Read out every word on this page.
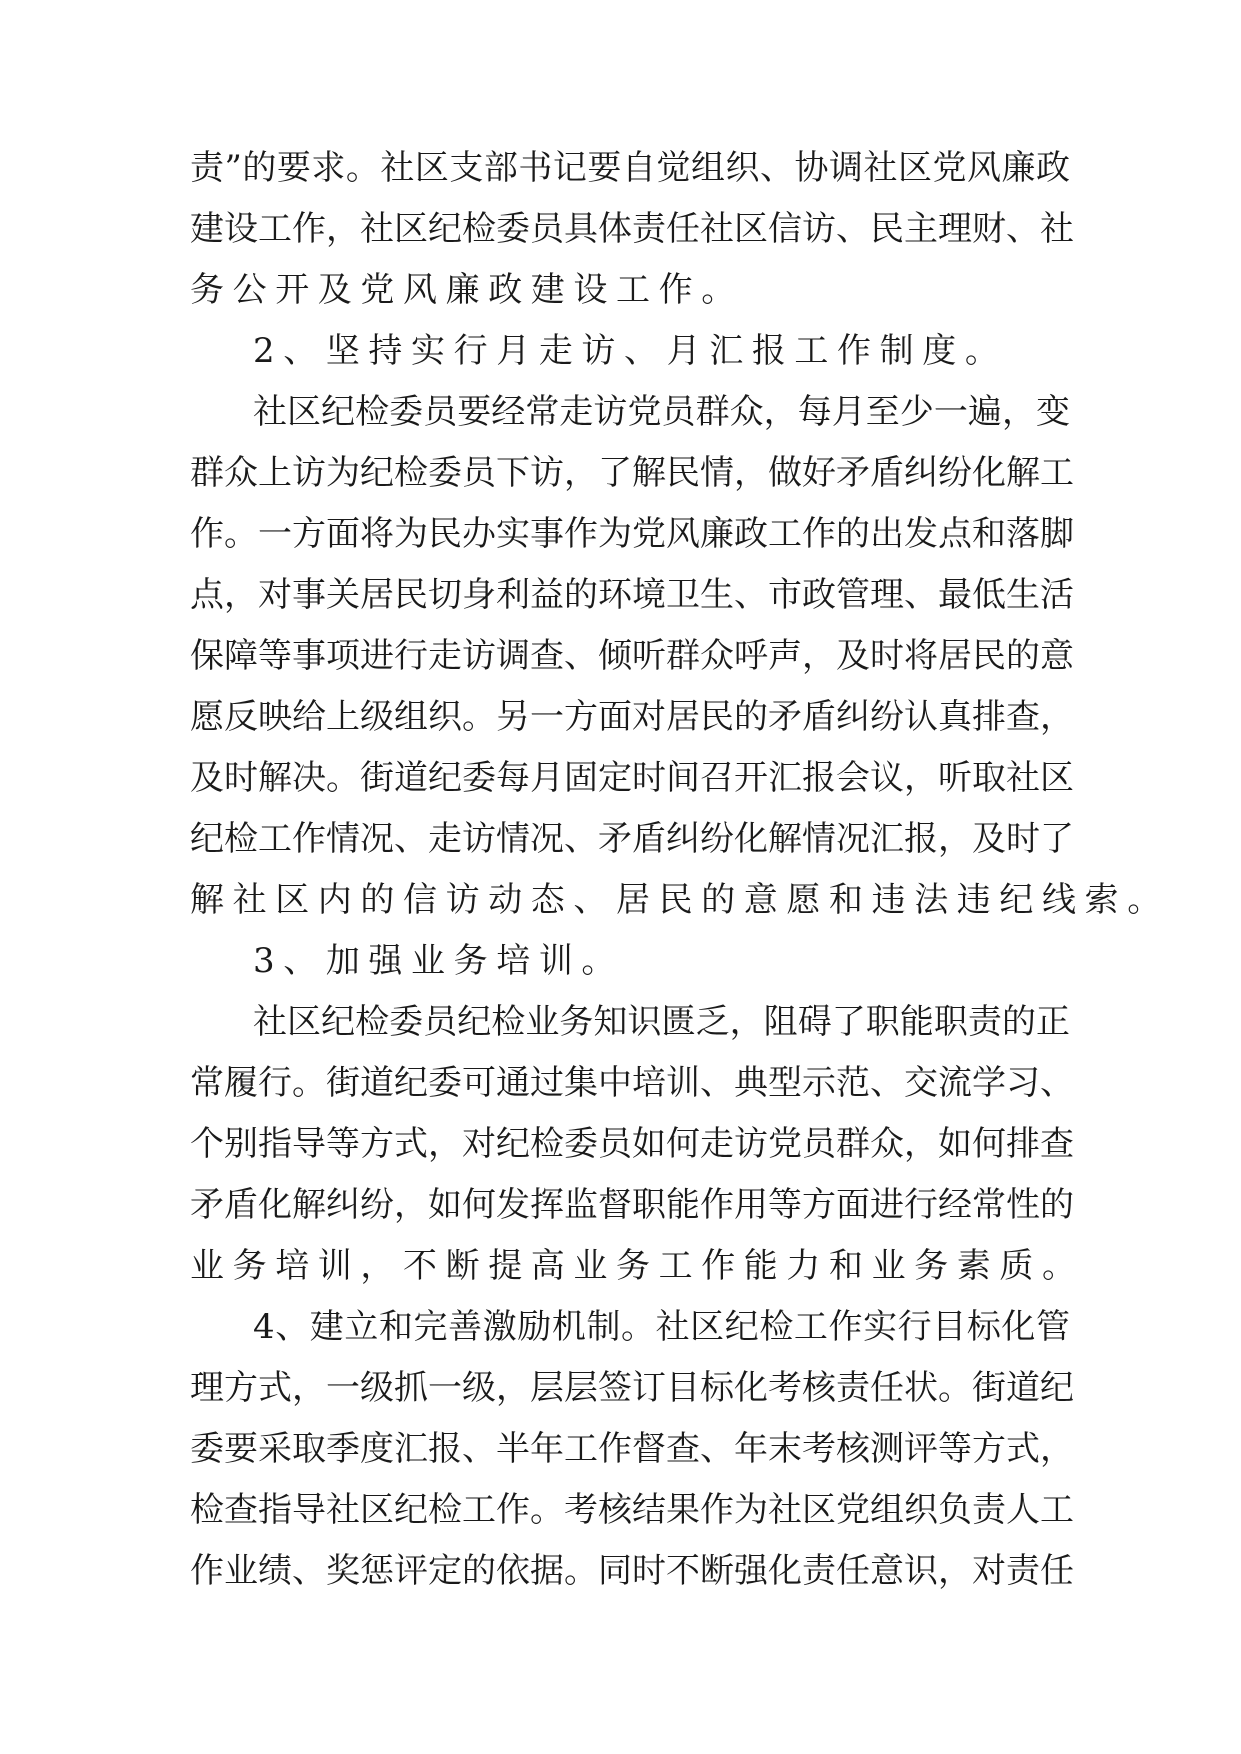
责”的要求。社区支部书记要自觉组织、协调社区党风廉政
建设工作，社区纪检委员具体责任社区信访、民主理财、社
务公开及党风廉政建设工作。
2、坚持实行月走访、月汇报工作制度。
社区纪检委员要经常走访党员群众，每月至少一遍，变
群众上访为纪检委员下访，了解民情，做好矛盾纠纷化解工
作。一方面将为民办实事作为党风廉政工作的出发点和落脚
点，对事关居民切身利益的环境卫生、市政管理、最低生活
保障等事项进行走访调查、倾听群众呼声，及时将居民的意
愿反映给上级组织。另一方面对居民的矛盾纠纷认真排查，
及时解决。街道纪委每月固定时间召开汇报会议，听取社区
纪检工作情况、走访情况、矛盾纠纷化解情况汇报，及时了
解社区内的信访动态、居民的意愿和违法违纪线索。
3、加强业务培训。
社区纪检委员纪检业务知识匮乏，阻碍了职能职责的正
常履行。街道纪委可通过集中培训、典型示范、交流学习、
个别指导等方式，对纪检委员如何走访党员群众，如何排查
矛盾化解纠纷，如何发挥监督职能作用等方面进行经常性的
业务培训，不断提高业务工作能力和业务素质。
4、建立和完善激励机制。社区纪检工作实行目标化管
理方式，一级抓一级，层层签订目标化考核责任状。街道纪
委要采取季度汇报、半年工作督查、年末考核测评等方式，
检查指导社区纪检工作。考核结果作为社区党组织负责人工
作业绩、奖惩评定的依据。同时不断强化责任意识，对责任
